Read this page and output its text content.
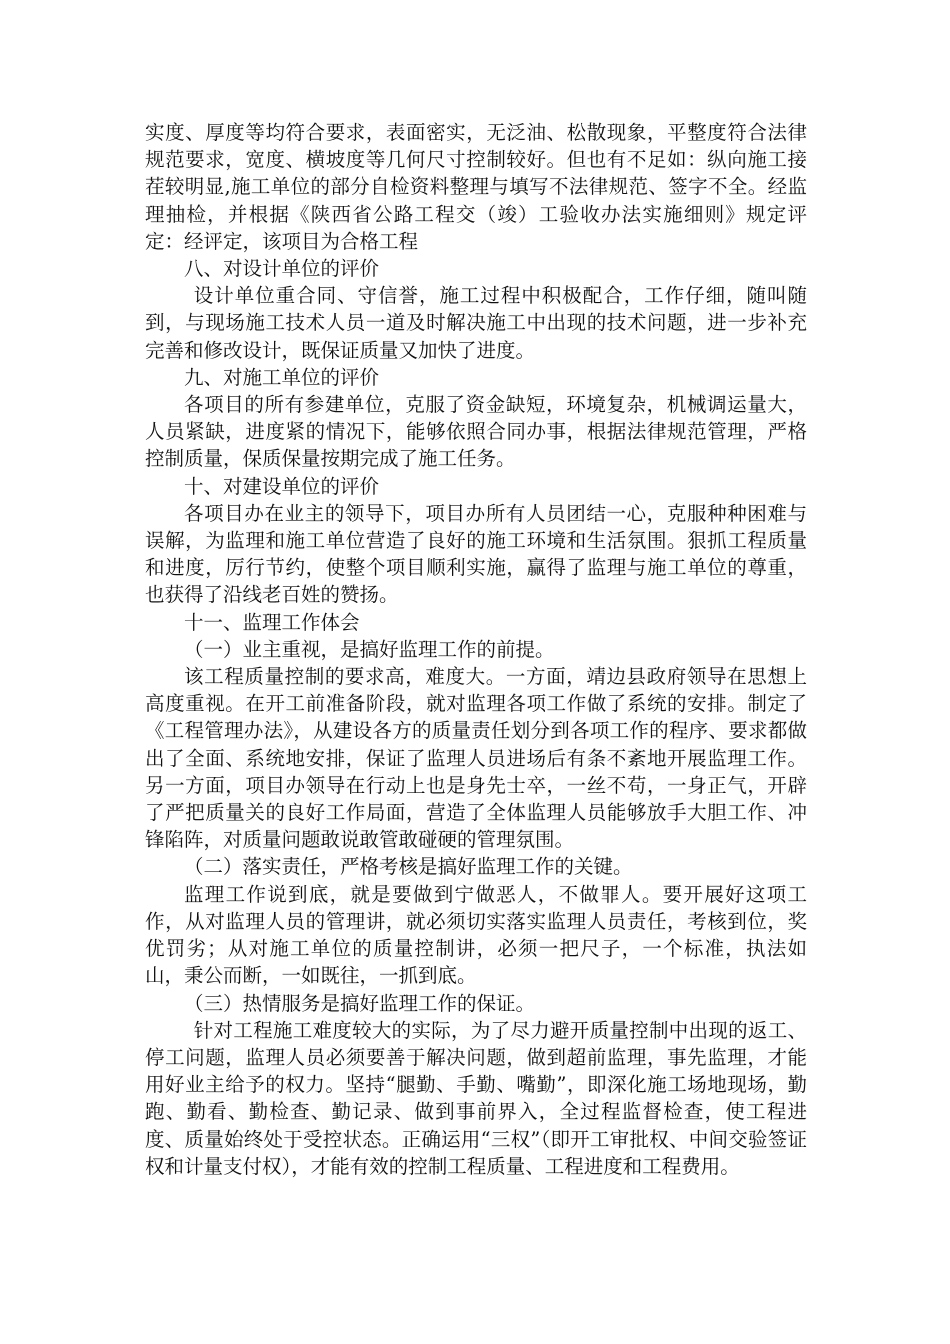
实度、厚度等均符合要求，表面密实，无泛油、松散现象，平整度符合法律规范要求，宽度、横坡度等几何尺寸控制较好。但也有不足如：纵向施工接茬较明显,施工单位的部分自检资料整理与填写不法律规范、签字不全。经监理抽检，并根据《陕西省公路工程交（竣）工验收办法实施细则》规定评定：经评定，该项目为合格工程

八、对设计单位的评价

设计单位重合同、守信誉，施工过程中积极配合，工作仔细，随叫随到，与现场施工技术人员一道及时解决施工中出现的技术问题，进一步补充完善和修改设计，既保证质量又加快了进度。

九、对施工单位的评价

各项目的所有参建单位，克服了资金缺短，环境复杂，机械调运量大，人员紧缺，进度紧的情况下，能够依照合同办事，根据法律规范管理，严格控制质量，保质保量按期完成了施工任务。

十、对建设单位的评价

各项目办在业主的领导下，项目办所有人员团结一心，克服种种困难与误解，为监理和施工单位营造了良好的施工环境和生活氛围。狠抓工程质量和进度，厉行节约，使整个项目顺利实施，赢得了监理与施工单位的尊重，也获得了沿线老百姓的赞扬。

十一、监理工作体会

（一）业主重视，是搞好监理工作的前提。

该工程质量控制的要求高，难度大。一方面，靖边县政府领导在思想上高度重视。在开工前准备阶段，就对监理各项工作做了系统的安排。制定了《工程管理办法》，从建设各方的质量责任划分到各项工作的程序、要求都做出了全面、系统地安排，保证了监理人员进场后有条不紊地开展监理工作。另一方面，项目办领导在行动上也是身先士卒，一丝不苟，一身正气，开辟了严把质量关的良好工作局面，营造了全体监理人员能够放手大胆工作、冲锋陷阵，对质量问题敢说敢管敢碰硬的管理氛围。

（二）落实责任，严格考核是搞好监理工作的关键。

监理工作说到底，就是要做到宁做恶人，不做罪人。要开展好这项工作，从对监理人员的管理讲，就必须切实落实监理人员责任，考核到位，奖优罚劣；从对施工单位的质量控制讲，必须一把尺子，一个标准，执法如山，秉公而断，一如既往，一抓到底。

（三）热情服务是搞好监理工作的保证。

针对工程施工难度较大的实际，为了尽力避开质量控制中出现的返工、停工问题，监理人员必须要善于解决问题，做到超前监理，事先监理，才能用好业主给予的权力。坚持“腿勤、手勤、嘴勤”，即深化施工场地现场，勤跑、勤看、勤检查、勤记录、做到事前界入，全过程监督检查，使工程进度、质量始终处于受控状态。正确运用“三权”（即开工审批权、中间交验签证权和计量支付权），才能有效的控制工程质量、工程进度和工程费用。
